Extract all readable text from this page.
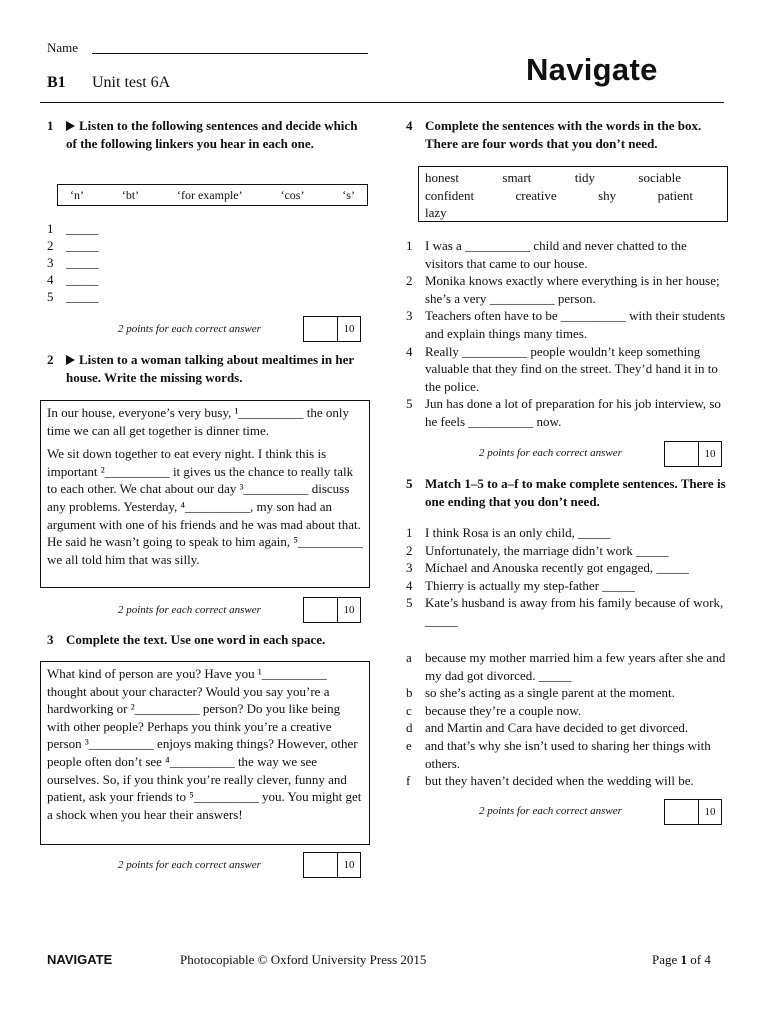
Name
B1 Unit test 6A	Navigate
1	Listen to the following sentences and decide which of the following linkers you hear in each one.
‘n’	‘bt’	‘for example’	‘cos’	‘s’
1 _____
2 _____
3 _____
4 _____
5 _____
2 points for each correct answer	10
2	Listen to a woman talking about mealtimes in her house. Write the missing words.

In our house, everyone’s very busy, ¹__________ the only time we can all get together is dinner time.

We sit down together to eat every night. I think this is important ²__________ it gives us the chance to really talk to each other. We chat about our day ³__________ discuss any problems. Yesterday, ⁴__________, my son had an argument with one of his friends and he was mad about that. He said he wasn’t going to speak to him again, ⁵__________ we all told him that was silly.

2 points for each correct answer	10
3 Complete the text. Use one word in each space.

What kind of person are you? Have you ¹__________ thought about your character? Would you say you’re a hardworking or ²__________ person? Do you like being with other people? Perhaps you think you’re a creative person ³__________ enjoys making things? However, other people often don’t see ⁴__________ the way we see ourselves. So, if you think you’re really clever, funny and patient, ask your friends to ⁵__________ you. You might get a shock when you hear their answers!

2 points for each correct answer	10
4 Complete the sentences with the words in the box. There are four words that you don’t need.
honest	smart	tidy	sociable
confident	creative	shy	patient
lazy
1 I was a __________ child and never chatted to the visitors that came to our house.
2 Monika knows exactly where everything is in her house; she’s a very __________ person.
3 Teachers often have to be __________ with their students and explain things many times.
4 Really __________ people wouldn’t keep something valuable that they find on the street. They’d hand it in to the police.
5 Jun has done a lot of preparation for his job interview, so he feels __________ now.
2 points for each correct answer	10
5 Match 1–5 to a–f to make complete sentences. There is one ending that you don’t need.
1 I think Rosa is an only child, _____
2 Unfortunately, the marriage didn’t work _____
3 Michael and Anouska recently got engaged, _____
4 Thierry is actually my step-father _____
5 Kate’s husband is away from his family because of work, _____
a because my mother married him a few years after she and my dad got divorced. _____
b so she’s acting as a single parent at the moment.
c because they’re a couple now.
d and Martin and Cara have decided to get divorced.
e and that’s why she isn’t used to sharing her things with others.
f but they haven’t decided when the wedding will be.
2 points for each correct answer	10
NAVIGATE	Photocopiable © Oxford University Press 2015	Page 1 of 4
